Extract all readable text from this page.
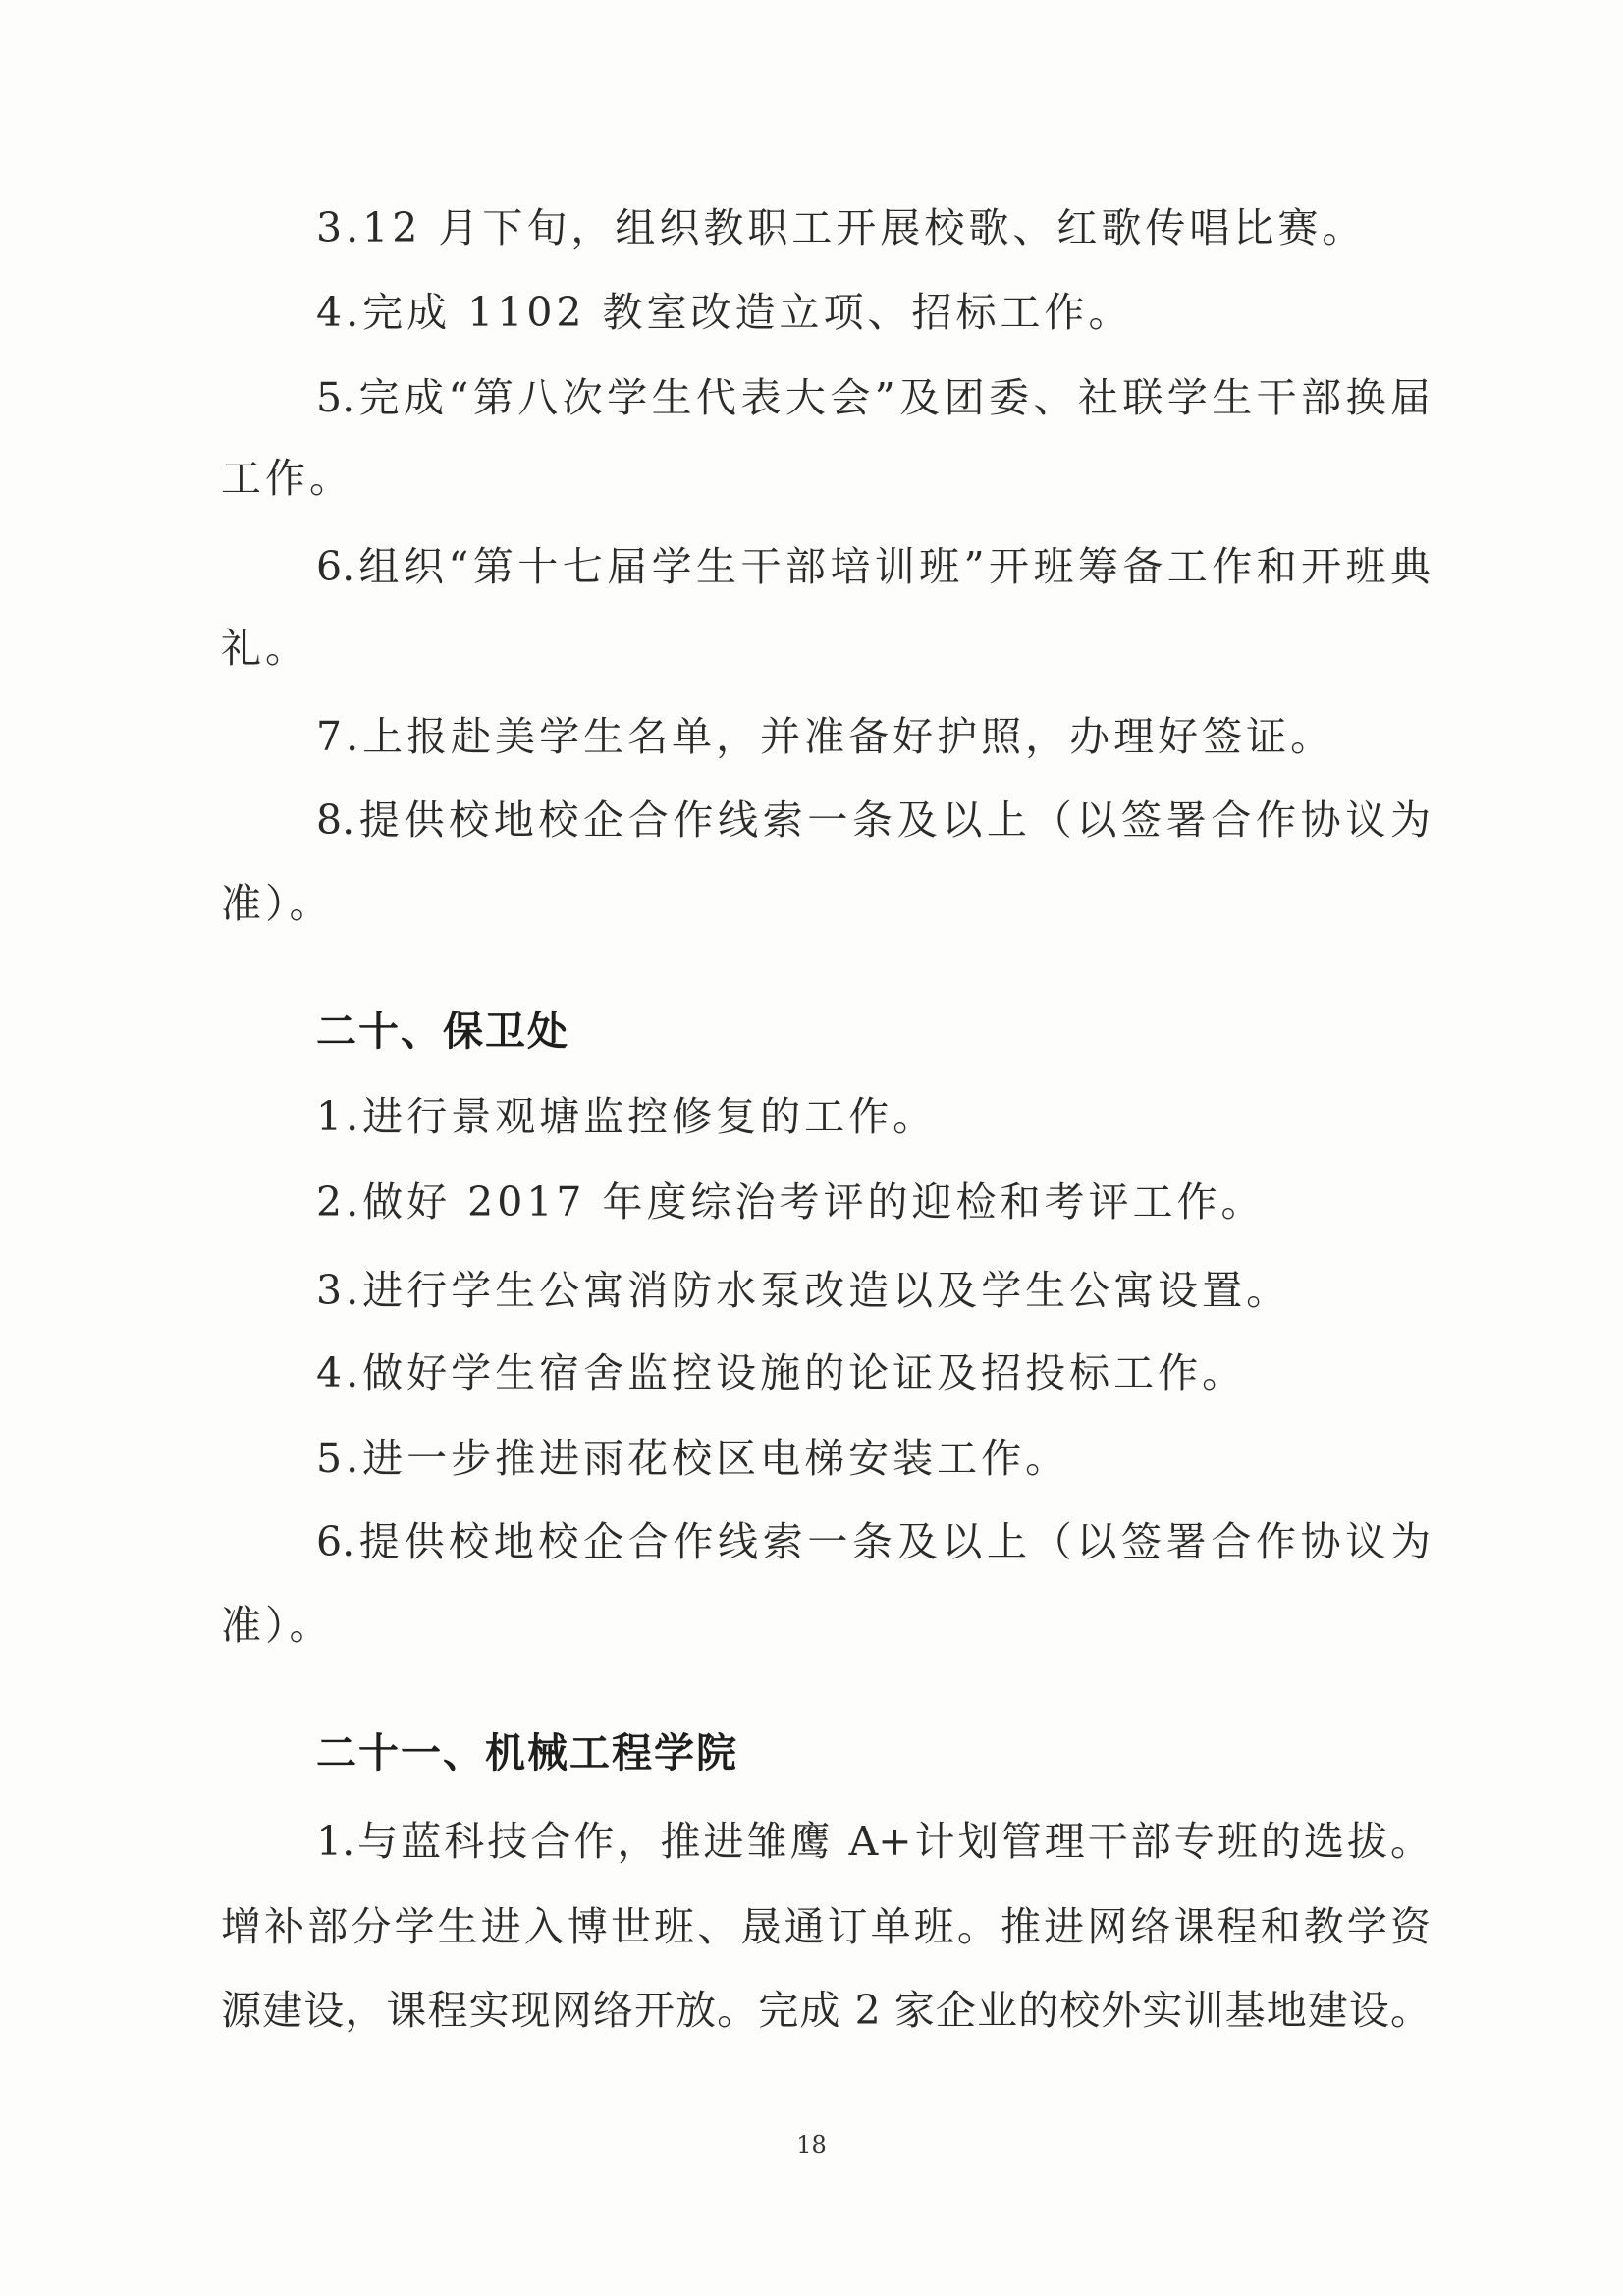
3.12 月下旬，组织教职工开展校歌、红歌传唱比赛。
4.完成 1102 教室改造立项、招标工作。
5.完成“第八次学生代表大会”及团委、社联学生干部换届
工作。
6.组织“第十七届学生干部培训班”开班筹备工作和开班典
礼。
7.上报赴美学生名单，并准备好护照，办理好签证。
8.提供校地校企合作线索一条及以上（以签署合作协议为
准）。
二十、保卫处
1.进行景观塘监控修复的工作。
2.做好 2017 年度综治考评的迎检和考评工作。
3.进行学生公寓消防水泵改造以及学生公寓设置。
4.做好学生宿舍监控设施的论证及招投标工作。
5.进一步推进雨花校区电梯安装工作。
6.提供校地校企合作线索一条及以上（以签署合作协议为
准）。
二十一、机械工程学院
1.与蓝科技合作，推进雏鹰 A+计划管理干部专班的选拔。
增补部分学生进入博世班、晟通订单班。推进网络课程和教学资
源建设，课程实现网络开放。完成 2 家企业的校外实训基地建设。
18
